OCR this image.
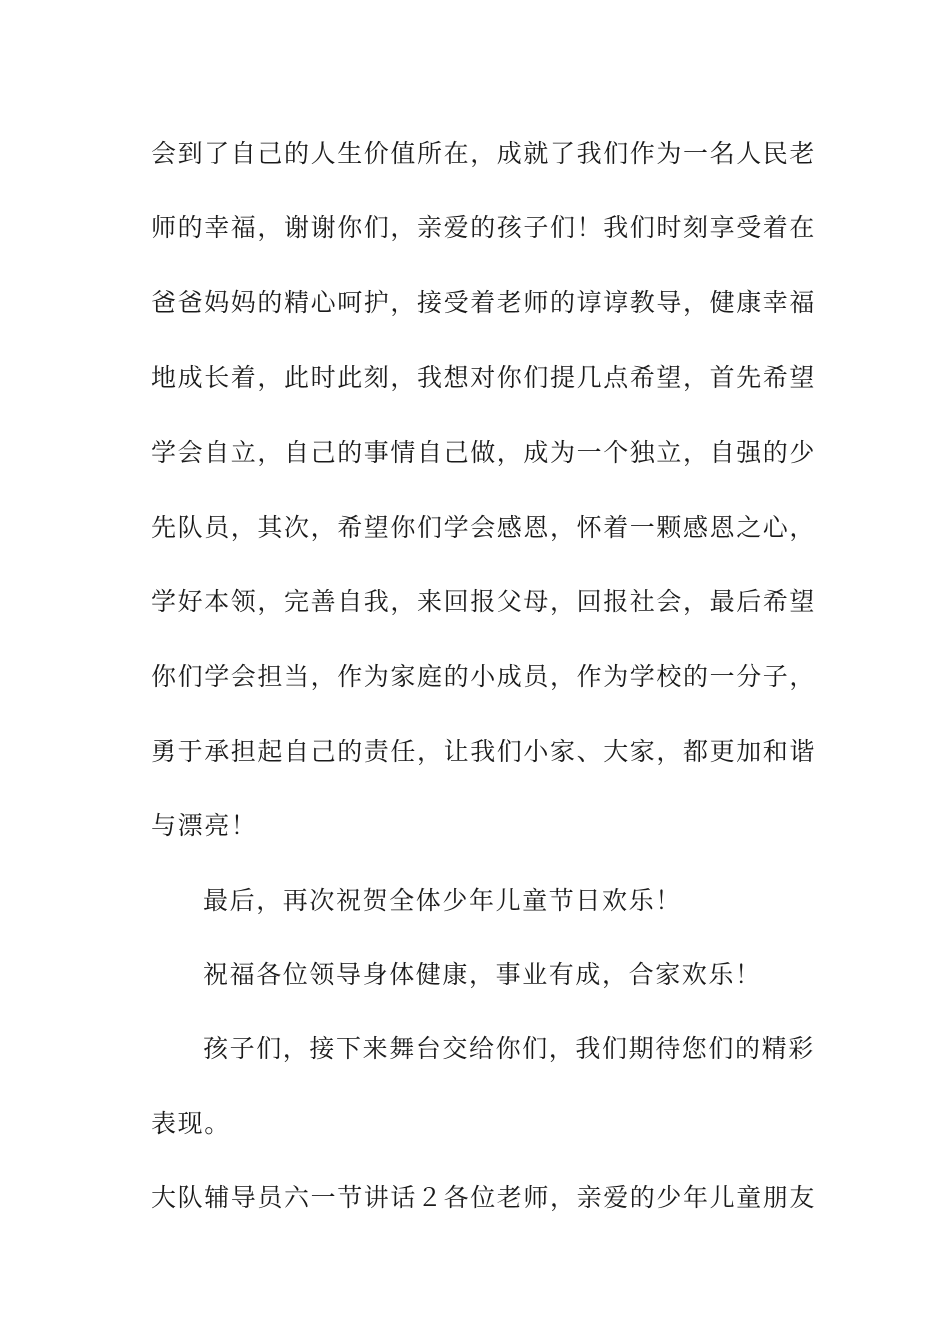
会到了自己的人生价值所在，成就了我们作为一名人民老
师的幸福，谢谢你们，亲爱的孩子们！我们时刻享受着在
爸爸妈妈的精心呵护，接受着老师的谆谆教导，健康幸福
地成长着，此时此刻，我想对你们提几点希望，首先希望
学会自立，自己的事情自己做，成为一个独立，自强的少
先队员，其次，希望你们学会感恩，怀着一颗感恩之心，
学好本领，完善自我，来回报父母，回报社会，最后希望
你们学会担当，作为家庭的小成员，作为学校的一分子，
勇于承担起自己的责任，让我们小家、大家，都更加和谐
与漂亮！
最后，再次祝贺全体少年儿童节日欢乐！
祝福各位领导身体健康，事业有成，合家欢乐！
孩子们，接下来舞台交给你们，我们期待您们的精彩
表现。
大队辅导员六一节讲话２各位老师，亲爱的少年儿童朋友
